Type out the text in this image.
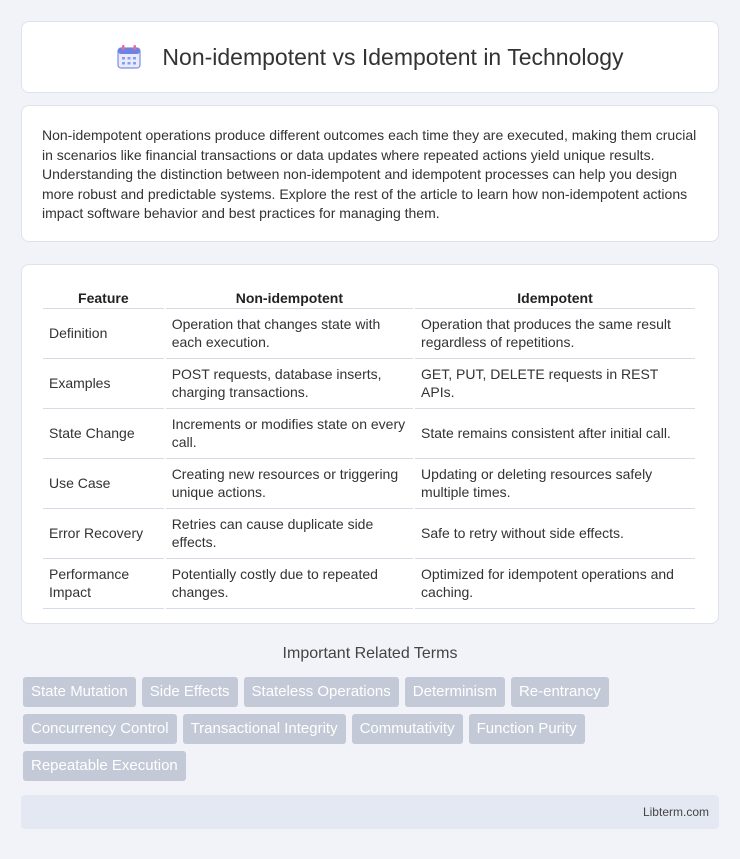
Non-idempotent vs Idempotent in Technology

Non-idempotent operations produce different outcomes each time they are executed, making them crucial in scenarios like financial transactions or data updates where repeated actions yield unique results. Understanding the distinction between non-idempotent and idempotent processes can help you design more robust and predictable systems. Explore the rest of the article to learn how non-idempotent actions impact software behavior and best practices for managing them.

Feature	Non-idempotent	Idempotent
Definition	Operation that changes state with each execution.	Operation that produces the same result regardless of repetitions.
Examples	POST requests, database inserts, charging transactions.	GET, PUT, DELETE requests in REST APIs.
State Change	Increments or modifies state on every call.	State remains consistent after initial call.
Use Case	Creating new resources or triggering unique actions.	Updating or deleting resources safely multiple times.
Error Recovery	Retries can cause duplicate side effects.	Safe to retry without side effects.
Performance Impact	Potentially costly due to repeated changes.	Optimized for idempotent operations and caching.
Important Related Terms
State Mutation	Side Effects	Stateless Operations	Determinism	Re-entrancy
Concurrency Control	Transactional Integrity	Commutativity	Function Purity
Repeatable Execution
Libterm.com
